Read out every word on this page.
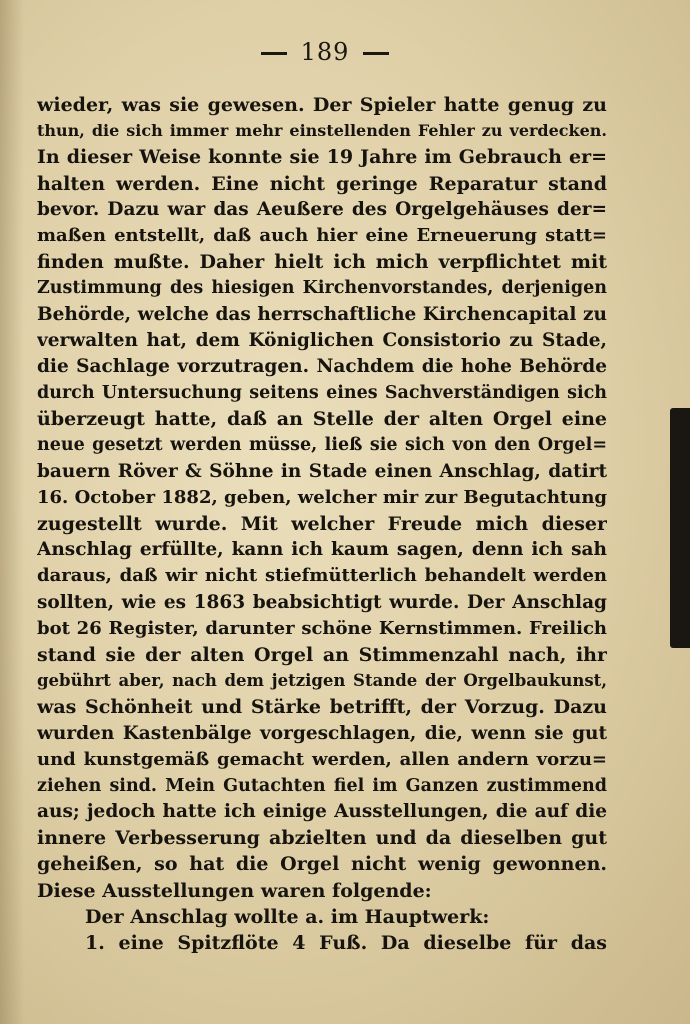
189
wieder, was sie gewesen. Der Spieler hatte genug zu
thun, die sich immer mehr einstellenden Fehler zu verdecken.
In dieser Weise konnte sie 19 Jahre im Gebrauch er=
halten werden. Eine nicht geringe Reparatur stand
bevor. Dazu war das Aeußere des Orgelgehäuses der=
maßen entstellt, daß auch hier eine Erneuerung statt=
finden mußte. Daher hielt ich mich verpflichtet mit
Zustimmung des hiesigen Kirchenvorstandes, derjenigen
Behörde, welche das herrschaftliche Kirchencapital zu
verwalten hat, dem Königlichen Consistorio zu Stade,
die Sachlage vorzutragen. Nachdem die hohe Behörde
durch Untersuchung seitens eines Sachverständigen sich
überzeugt hatte, daß an Stelle der alten Orgel eine
neue gesetzt werden müsse, ließ sie sich von den Orgel=
bauern Röver & Söhne in Stade einen Anschlag, datirt
16. October 1882, geben, welcher mir zur Begutachtung
zugestellt wurde. Mit welcher Freude mich dieser
Anschlag erfüllte, kann ich kaum sagen, denn ich sah
daraus, daß wir nicht stiefmütterlich behandelt werden
sollten, wie es 1863 beabsichtigt wurde. Der Anschlag
bot 26 Register, darunter schöne Kernstimmen. Freilich
stand sie der alten Orgel an Stimmenzahl nach, ihr
gebührt aber, nach dem jetzigen Stande der Orgelbaukunst,
was Schönheit und Stärke betrifft, der Vorzug. Dazu
wurden Kastenbälge vorgeschlagen, die, wenn sie gut
und kunstgemäß gemacht werden, allen andern vorzu=
ziehen sind. Mein Gutachten fiel im Ganzen zustimmend
aus; jedoch hatte ich einige Ausstellungen, die auf die
innere Verbesserung abzielten und da dieselben gut
geheißen, so hat die Orgel nicht wenig gewonnen.
Diese Ausstellungen waren folgende:
Der Anschlag wollte a. im Hauptwerk:
1. eine Spitzflöte 4 Fuß. Da dieselbe für das
